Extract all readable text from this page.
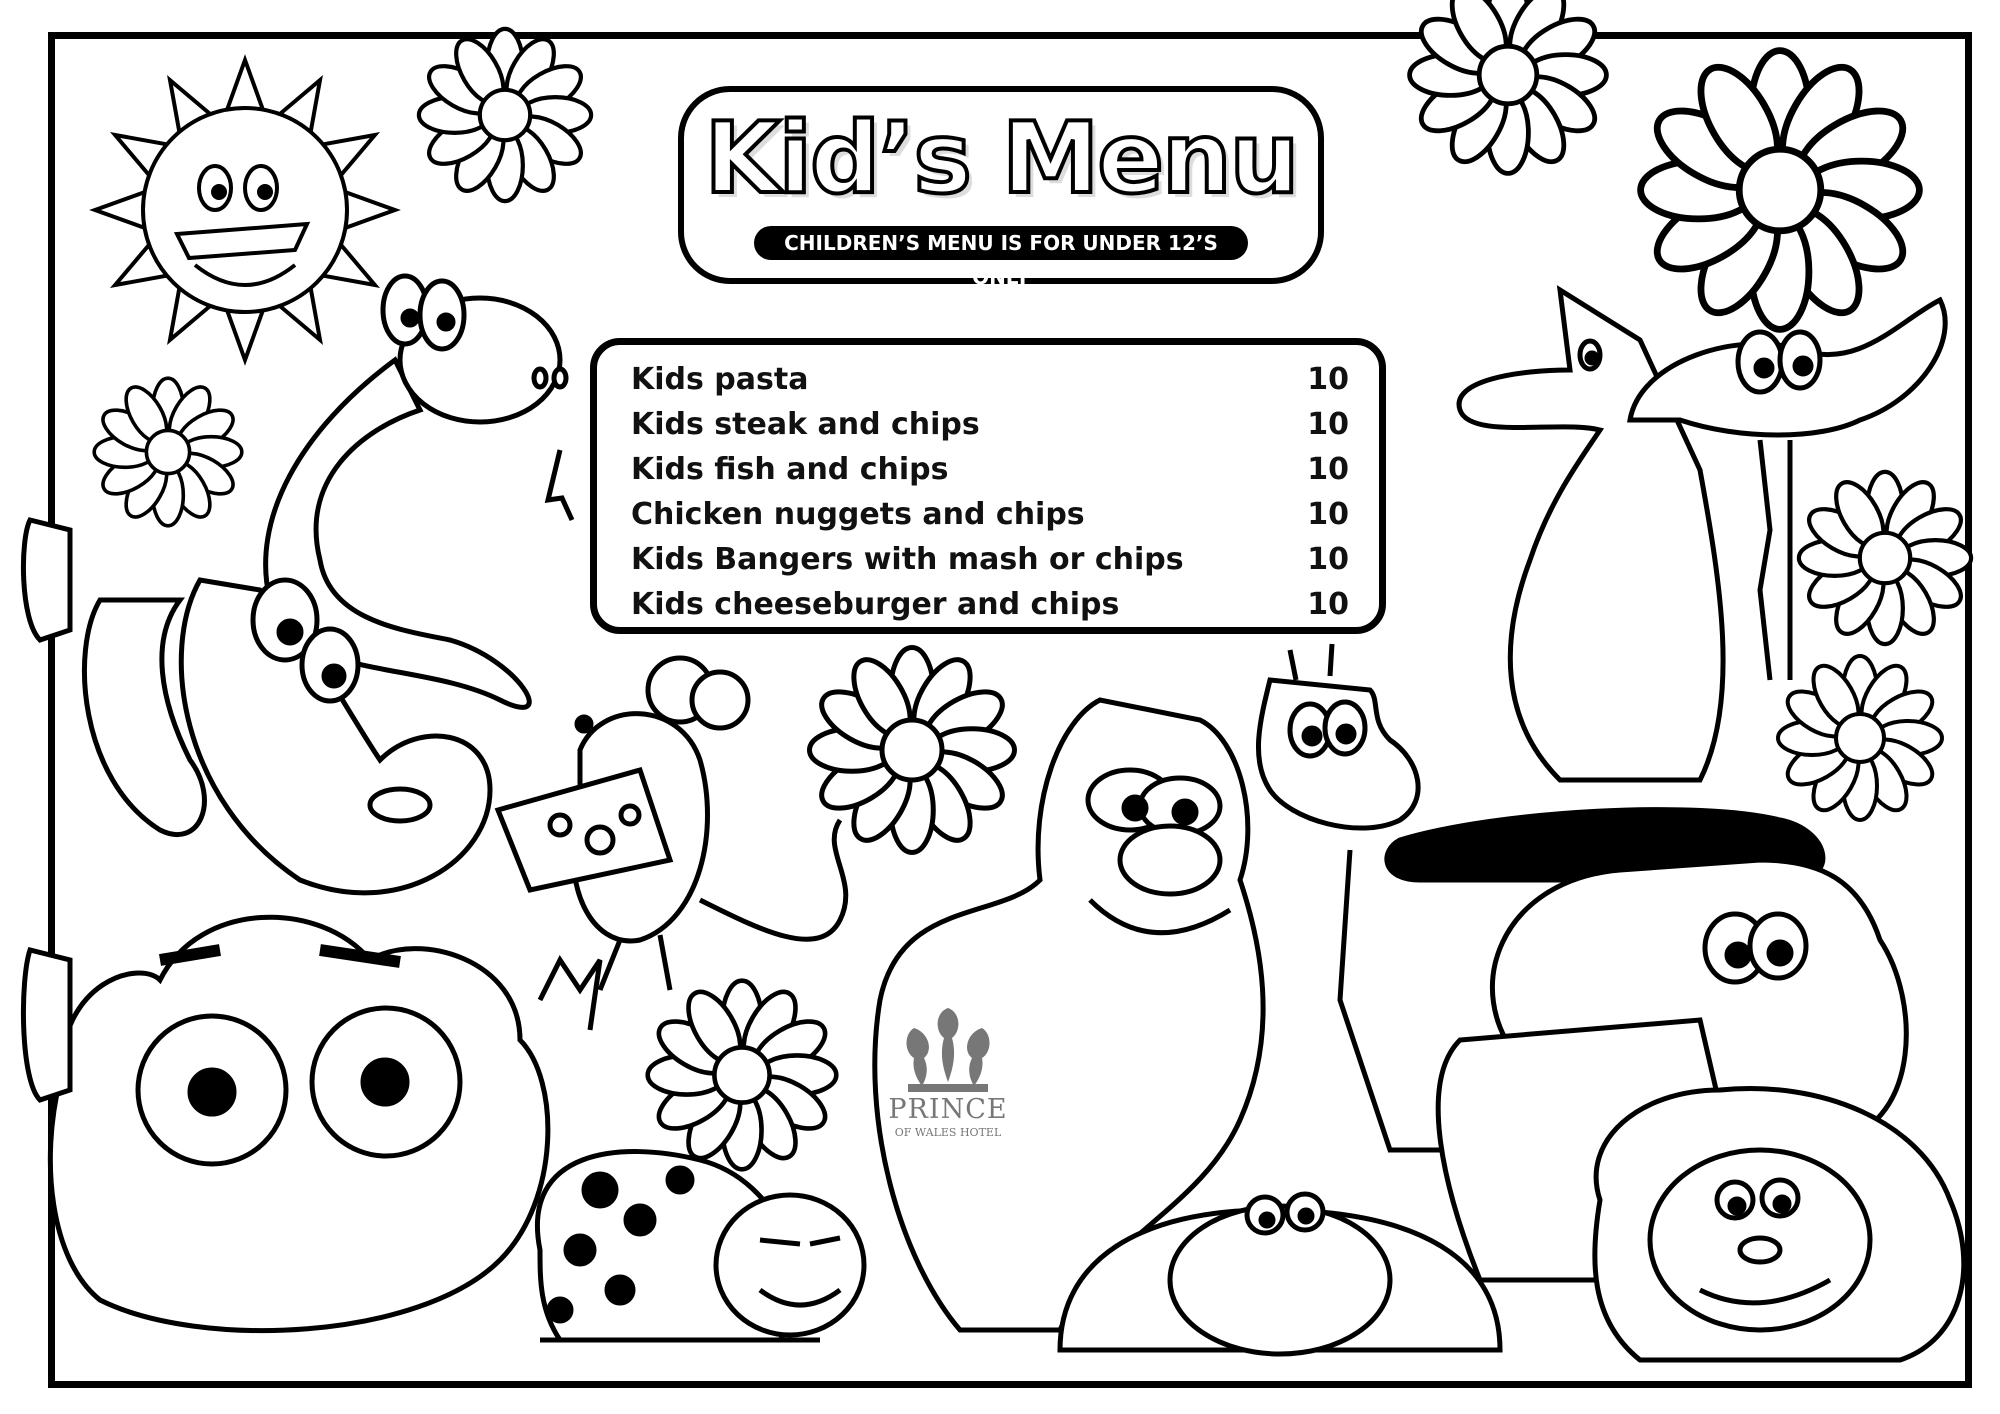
Kid’s Menu
CHILDREN’S MENU IS FOR UNDER 12’S ONLY
Kids pasta	10
Kids steak and chips	10
Kids fish and chips	10
Chicken nuggets and chips	10
Kids Bangers with mash or chips	10
Kids cheeseburger and chips	10
PRINCE
OF WALES HOTEL
